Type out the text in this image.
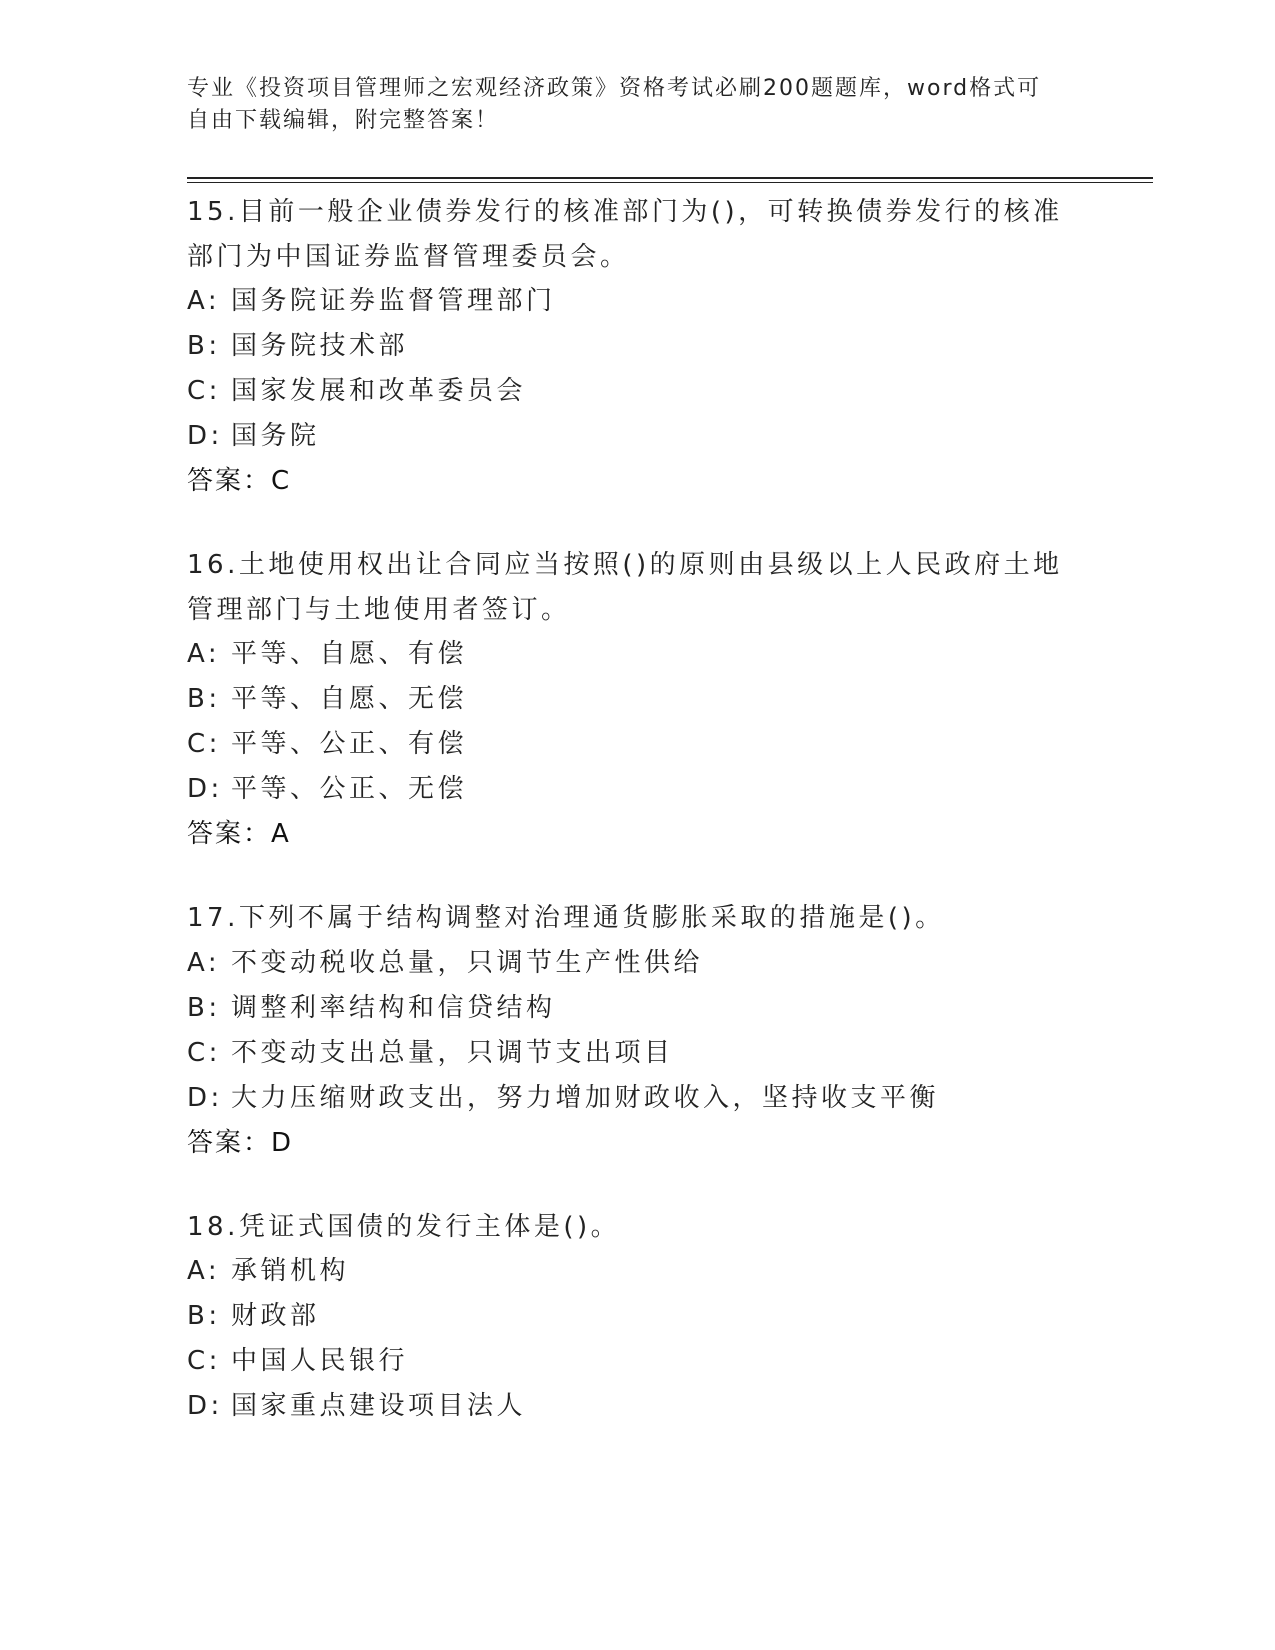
专业《投资项目管理师之宏观经济政策》资格考试必刷200题题库，word格式可
自由下载编辑，附完整答案！

15.目前一般企业债券发行的核准部门为()，可转换债券发行的核准部门为中国证券监督管理委员会。

A: 国务院证券监督管理部门

B: 国务院技术部

C: 国家发展和改革委员会

D: 国务院

答案：C

16.土地使用权出让合同应当按照()的原则由县级以上人民政府土地管理部门与土地使用者签订。

A: 平等、自愿、有偿

B: 平等、自愿、无偿

C: 平等、公正、有偿

D: 平等、公正、无偿

答案：A

17.下列不属于结构调整对治理通货膨胀采取的措施是()。

A: 不变动税收总量，只调节生产性供给

B: 调整利率结构和信贷结构

C: 不变动支出总量，只调节支出项目

D: 大力压缩财政支出，努力增加财政收入，坚持收支平衡

答案：D

18.凭证式国债的发行主体是()。

A: 承销机构

B: 财政部

C: 中国人民银行

D: 国家重点建设项目法人
